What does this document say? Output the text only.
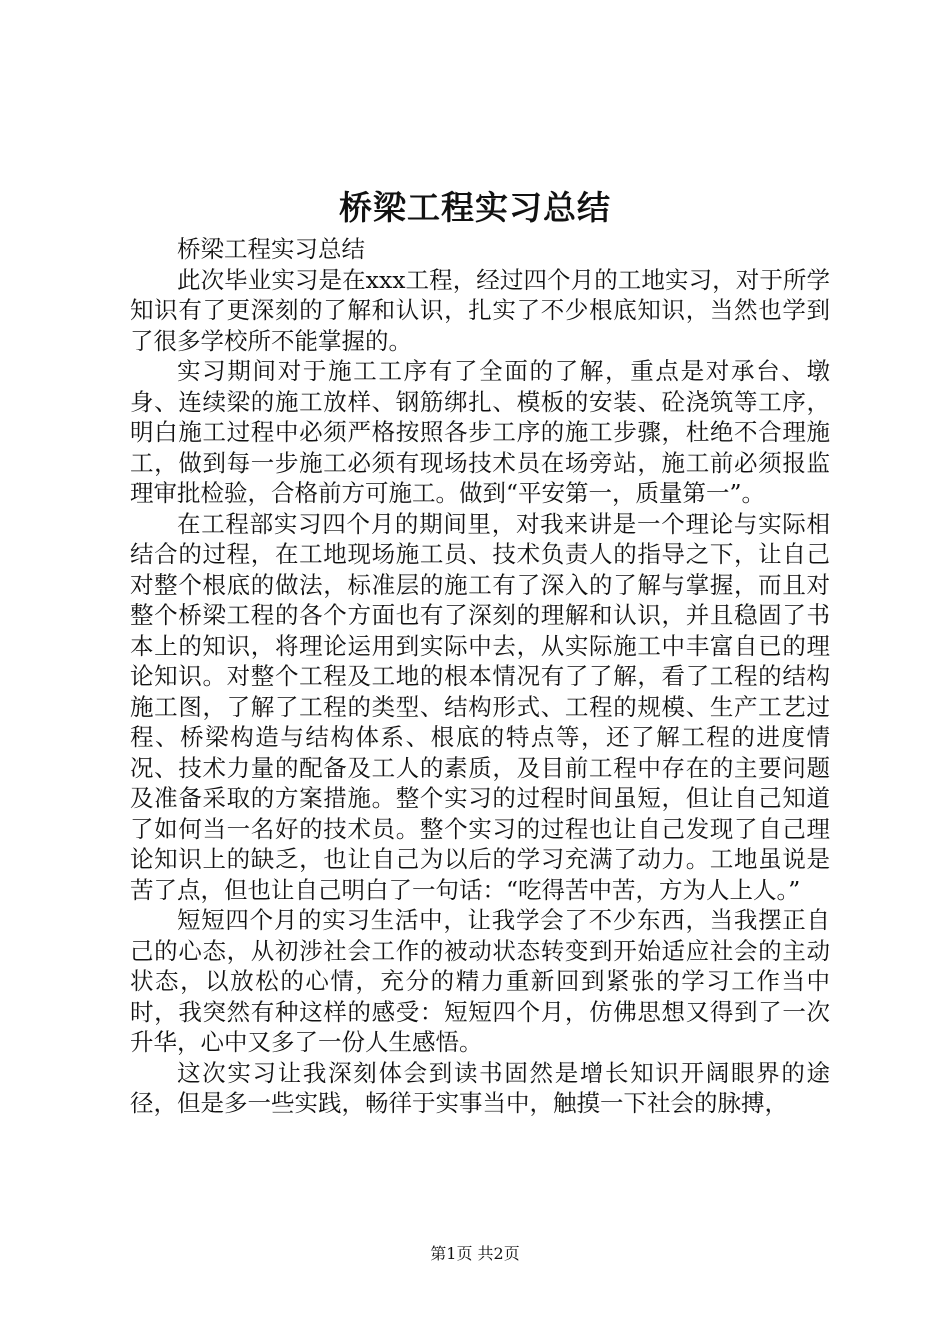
桥梁工程实习总结

桥梁工程实习总结

此次毕业实习是在xxx工程，经过四个月的工地实习，对于所学知识有了更深刻的了解和认识，扎实了不少根底知识，当然也学到了很多学校所不能掌握的。

实习期间对于施工工序有了全面的了解，重点是对承台、墩身、连续梁的施工放样、钢筋绑扎、模板的安装、砼浇筑等工序，明白施工过程中必须严格按照各步工序的施工步骤，杜绝不合理施工，做到每一步施工必须有现场技术员在场旁站，施工前必须报监理审批检验，合格前方可施工。做到“平安第一，质量第一”。

在工程部实习四个月的期间里，对我来讲是一个理论与实际相结合的过程，在工地现场施工员、技术负责人的指导之下，让自己对整个根底的做法，标准层的施工有了深入的了解与掌握，而且对整个桥梁工程的各个方面也有了深刻的理解和认识，并且稳固了书本上的知识，将理论运用到实际中去，从实际施工中丰富自已的理论知识。对整个工程及工地的根本情况有了了解，看了工程的结构施工图，了解了工程的类型、结构形式、工程的规模、生产工艺过程、桥梁构造与结构体系、根底的特点等，还了解工程的进度情况、技术力量的配备及工人的素质，及目前工程中存在的主要问题及准备采取的方案措施。整个实习的过程时间虽短，但让自己知道了如何当一名好的技术员。整个实习的过程也让自己发现了自己理论知识上的缺乏，也让自己为以后的学习充满了动力。工地虽说是苦了点，但也让自己明白了一句话：“吃得苦中苦，方为人上人。”

短短四个月的实习生活中，让我学会了不少东西，当我摆正自己的心态，从初涉社会工作的被动状态转变到开始适应社会的主动状态，以放松的心情，充分的精力重新回到紧张的学习工作当中时，我突然有种这样的感受：短短四个月，仿佛思想又得到了一次升华，心中又多了一份人生感悟。

这次实习让我深刻体会到读书固然是增长知识开阔眼界的途径，但是多一些实践，畅徉于实事当中，触摸一下社会的脉搏，

第1页 共2页
